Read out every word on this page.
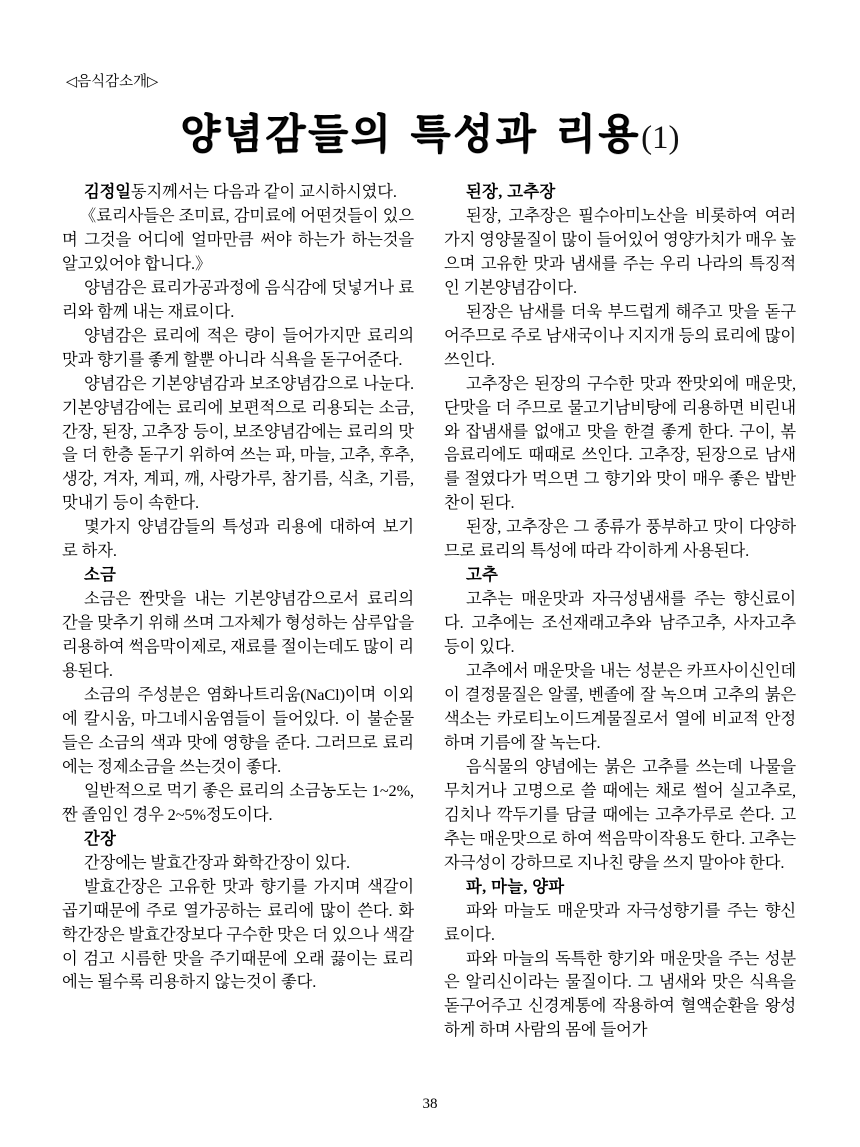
◁음식감소개▷
양념감들의 특성과 리용(1)

김정일동지께서는 다음과 같이 교시하시였다.

《료리사들은 조미료, 감미료에 어떤것들이 있으며 그것을 어디에 얼마만큼 써야 하는가 하는것을 알고있어야 합니다.》

양념감은 료리가공과정에 음식감에 덧넣거나 료리와 함께 내는 재료이다.

양념감은 료리에 적은 량이 들어가지만 료리의 맛과 향기를 좋게 할뿐 아니라 식욕을 돋구어준다.

양념감은 기본양념감과 보조양념감으로 나눈다. 기본양념감에는 료리에 보편적으로 리용되는 소금, 간장, 된장, 고추장 등이, 보조양념감에는 료리의 맛을 더 한층 돋구기 위하여 쓰는 파, 마늘, 고추, 후추, 생강, 겨자, 계피, 깨, 사랑가루, 참기름, 식초, 기름, 맛내기 등이 속한다.

몇가지 양념감들의 특성과 리용에 대하여 보기로 하자.

소금

소금은 짠맛을 내는 기본양념감으로서 료리의 간을 맞추기 위해 쓰며 그자체가 형성하는 삼루압을 리용하여 썩음막이제로, 재료를 절이는데도 많이 리용된다.

소금의 주성분은 염화나트리움(NaCl)이며 이외에 칼시움, 마그네시움염들이 들어있다. 이 불순물들은 소금의 색과 맛에 영향을 준다. 그러므로 료리에는 정제소금을 쓰는것이 좋다.

일반적으로 먹기 좋은 료리의 소금농도는 1~2%, 짠 졸임인 경우 2~5%정도이다.

간장

간장에는 발효간장과 화학간장이 있다.

발효간장은 고유한 맛과 향기를 가지며 색갈이 곱기때문에 주로 열가공하는 료리에 많이 쓴다. 화학간장은 발효간장보다 구수한 맛은 더 있으나 색갈이 검고 시름한 맛을 주기때문에 오래 끓이는 료리에는 될수록 리용하지 않는것이 좋다.

된장, 고추장

된장, 고추장은 필수아미노산을 비롯하여 여러가지 영양물질이 많이 들어있어 영양가치가 매우 높으며 고유한 맛과 냄새를 주는 우리 나라의 특징적인 기본양념감이다.

된장은 남새를 더욱 부드럽게 해주고 맛을 돋구어주므로 주로 남새국이나 지지개 등의 료리에 많이 쓰인다.

고추장은 된장의 구수한 맛과 짠맛외에 매운맛, 단맛을 더 주므로 물고기남비탕에 리용하면 비린내와 잡냄새를 없애고 맛을 한결 좋게 한다. 구이, 볶음료리에도 때때로 쓰인다. 고추장, 된장으로 남새를 절였다가 먹으면 그 향기와 맛이 매우 좋은 밥반찬이 된다.

된장, 고추장은 그 종류가 풍부하고 맛이 다양하므로 료리의 특성에 따라 각이하게 사용된다.

고추

고추는 매운맛과 자극성냄새를 주는 향신료이다. 고추에는 조선재래고추와 남주고추, 사자고추 등이 있다.

고추에서 매운맛을 내는 성분은 카프사이신인데 이 결정물질은 알콜, 벤졸에 잘 녹으며 고추의 붉은 색소는 카로티노이드계물질로서 열에 비교적 안정하며 기름에 잘 녹는다.

음식물의 양념에는 붉은 고추를 쓰는데 나물을 무치거나 고명으로 쓸 때에는 채로 썰어 실고추로, 김치나 깍두기를 담글 때에는 고추가루로 쓴다. 고추는 매운맛으로 하여 썩음막이작용도 한다. 고추는 자극성이 강하므로 지나친 량을 쓰지 말아야 한다.

파, 마늘, 양파

파와 마늘도 매운맛과 자극성향기를 주는 향신료이다.

파와 마늘의 독특한 향기와 매운맛을 주는 성분은 알리신이라는 물질이다. 그 냄새와 맛은 식욕을 돋구어주고 신경계통에 작용하여 혈액순환을 왕성하게 하며 사람의 몸에 들어가

38
